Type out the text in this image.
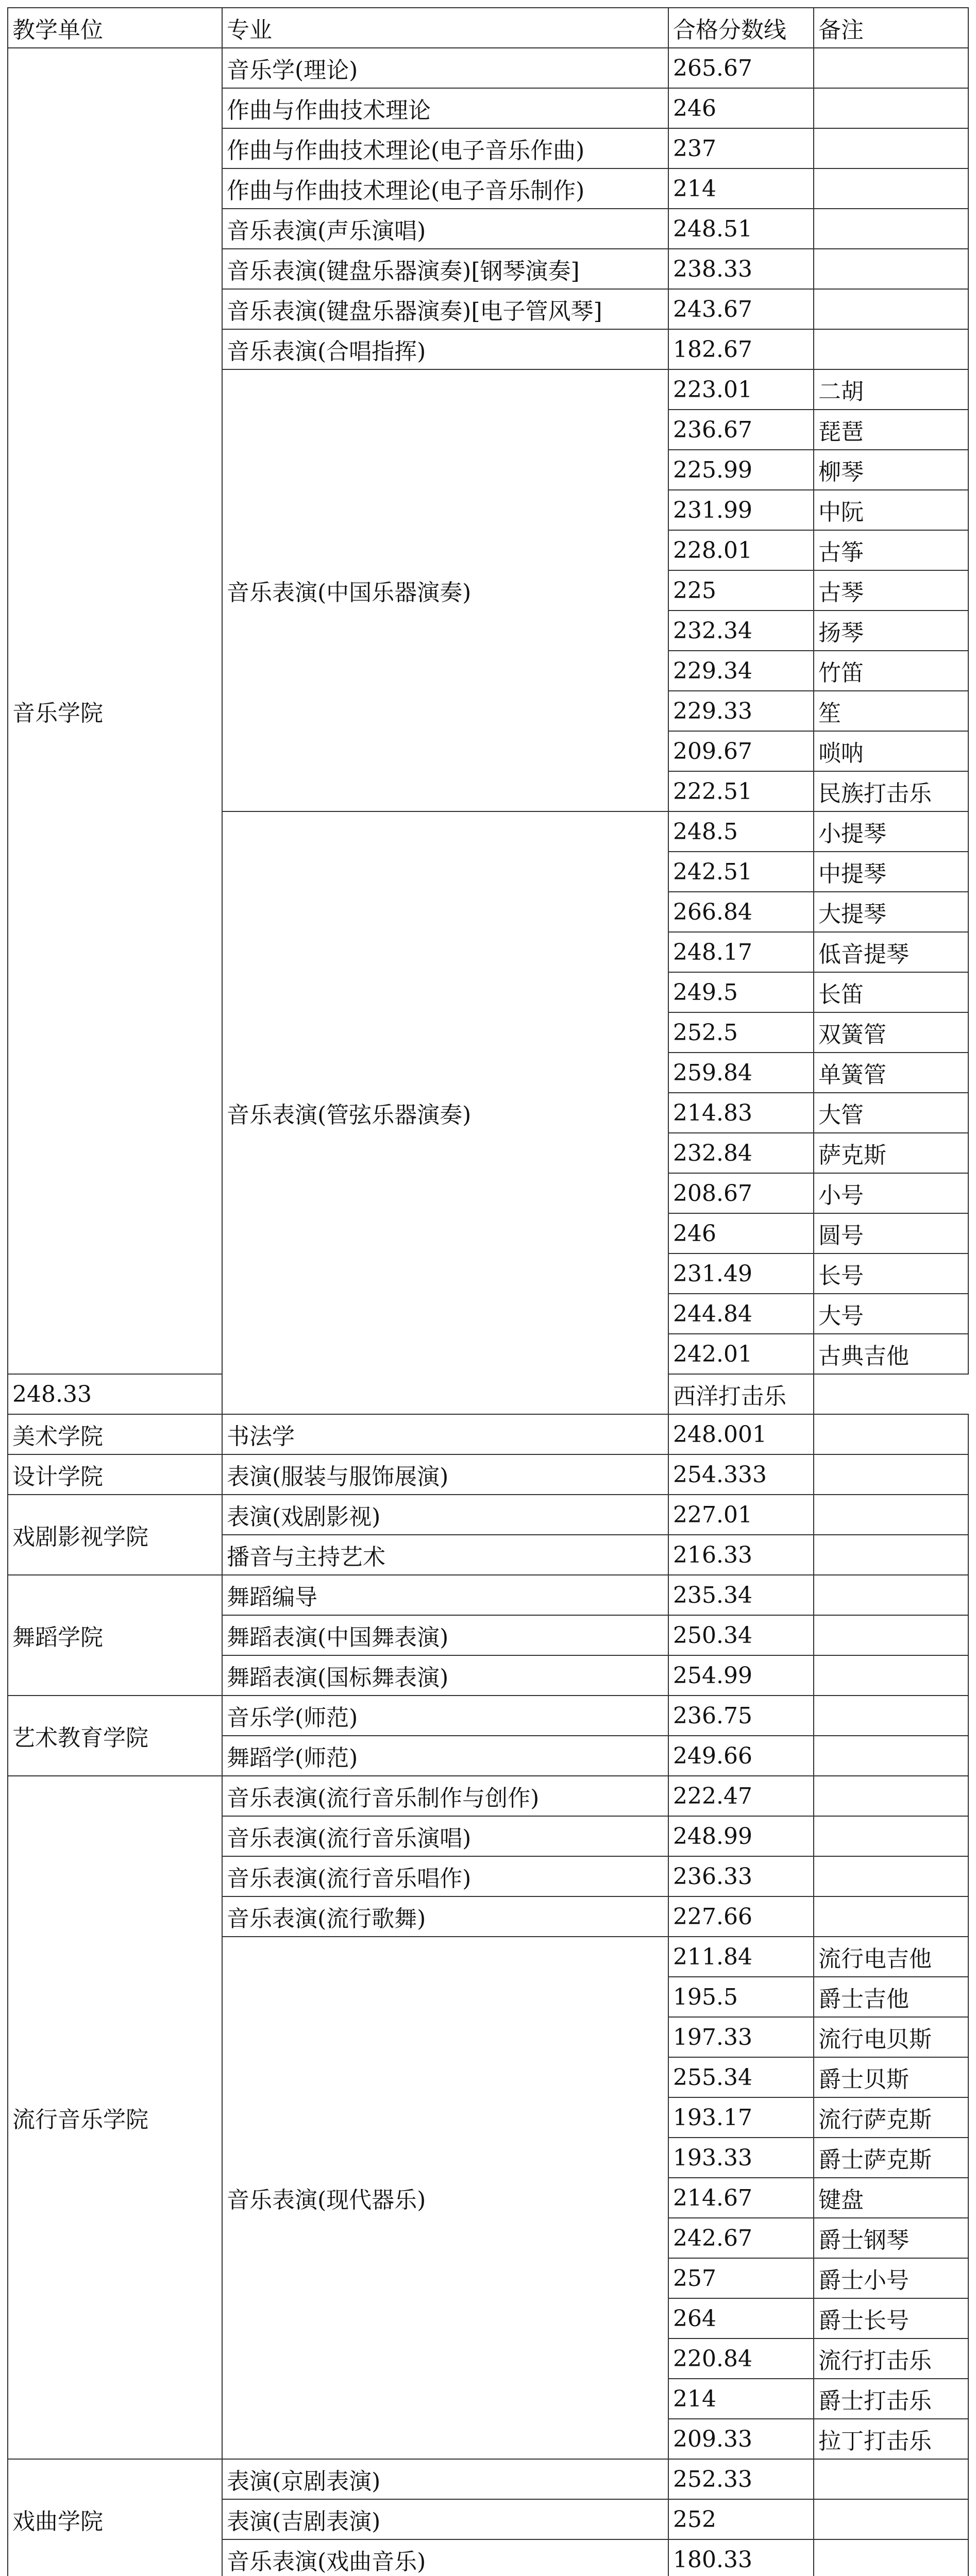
教学单位	专业	合格分数线	备注
音乐学院	音乐学(理论)	265.67	
	作曲与作曲技术理论	246	
	作曲与作曲技术理论(电子音乐作曲)	237	
	作曲与作曲技术理论(电子音乐制作)	214	
	音乐表演(声乐演唱)	248.51	
	音乐表演(键盘乐器演奏)[钢琴演奏]	238.33	
	音乐表演(键盘乐器演奏)[电子管风琴]	243.67	
	音乐表演(合唱指挥)	182.67	
	音乐表演(中国乐器演奏)	223.01	二胡
		236.67	琵琶
		225.99	柳琴
		231.99	中阮
		228.01	古筝
		225	古琴
		232.34	扬琴
		229.34	竹笛
		229.33	笙
		209.67	唢呐
		222.51	民族打击乐
	音乐表演(管弦乐器演奏)	248.5	小提琴
		242.51	中提琴
		266.84	大提琴
		248.17	低音提琴
		249.5	长笛
		252.5	双簧管
		259.84	单簧管
		214.83	大管
		232.84	萨克斯
		208.67	小号
		246	圆号
		231.49	长号
		244.84	大号
		242.01	古典吉他
248.33		西洋打击乐	
美术学院	书法学	248.001	
设计学院	表演(服装与服饰展演)	254.333	
戏剧影视学院	表演(戏剧影视)	227.01	
	播音与主持艺术	216.33	
舞蹈学院	舞蹈编导	235.34	
	舞蹈表演(中国舞表演)	250.34	
	舞蹈表演(国标舞表演)	254.99	
艺术教育学院	音乐学(师范)	236.75	
	舞蹈学(师范)	249.66	
流行音乐学院	音乐表演(流行音乐制作与创作)	222.47	
	音乐表演(流行音乐演唱)	248.99	
	音乐表演(流行音乐唱作)	236.33	
	音乐表演(流行歌舞)	227.66	
	音乐表演(现代器乐)	211.84	流行电吉他
		195.5	爵士吉他
		197.33	流行电贝斯
		255.34	爵士贝斯
		193.17	流行萨克斯
		193.33	爵士萨克斯
		214.67	键盘
		242.67	爵士钢琴
		257	爵士小号
		264	爵士长号
		220.84	流行打击乐
		214	爵士打击乐
		209.33	拉丁打击乐
戏曲学院	表演(京剧表演)	252.33	
	表演(吉剧表演)	252	
	音乐表演(戏曲音乐)	180.33	
